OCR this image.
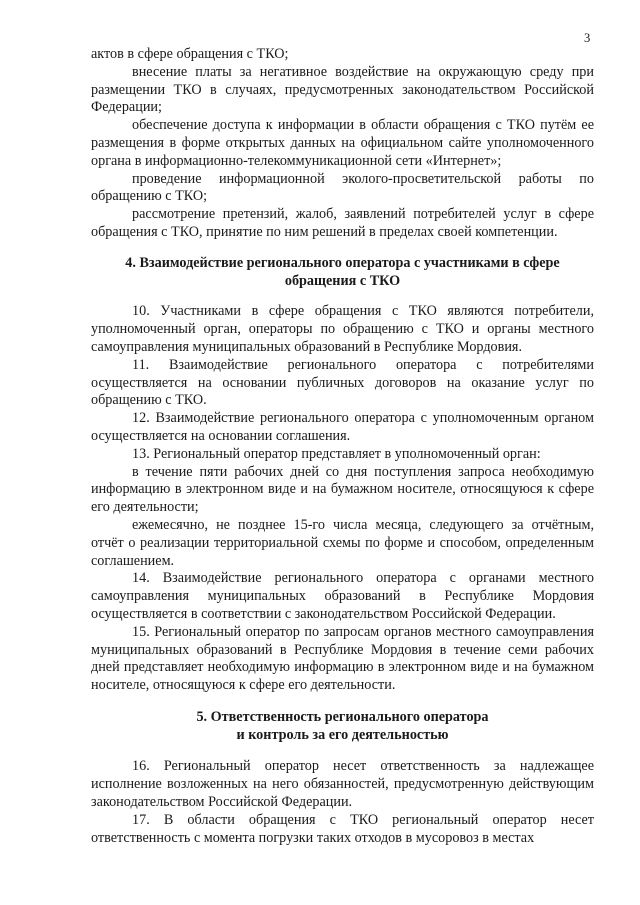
3

актов в сфере обращения с ТКО;

внесение платы за негативное воздействие на окружающую среду при размещении ТКО в случаях, предусмотренных законодательством Российской Федерации;

обеспечение доступа к информации в области обращения с ТКО путём ее размещения в форме открытых данных на официальном сайте уполномоченного органа в информационно-телекоммуникационной сети «Интернет»;

проведение информационной эколого-просветительской работы по обращению с ТКО;

рассмотрение претензий, жалоб, заявлений потребителей услуг в сфере обращения с ТКО, принятие по ним решений в пределах своей компетенции.

4. Взаимодействие регионального оператора с участниками в сфере
обращения с ТКО

10. Участниками в сфере обращения с ТКО являются потребители, уполномоченный орган, операторы по обращению с ТКО и органы местного самоуправления муниципальных образований в Республике Мордовия.

11. Взаимодействие регионального оператора с потребителями осуществляется на основании публичных договоров на оказание услуг по обращению с ТКО.

12. Взаимодействие регионального оператора с уполномоченным органом осуществляется на основании соглашения.

13. Региональный оператор представляет в уполномоченный орган:

в течение пяти рабочих дней со дня поступления запроса необходимую информацию в электронном виде и на бумажном носителе, относящуюся к сфере его деятельности;

ежемесячно, не позднее 15-го числа месяца, следующего за отчётным, отчёт о реализации территориальной схемы по форме и способом, определенным соглашением.

14. Взаимодействие регионального оператора с органами местного самоуправления муниципальных образований в Республике Мордовия осуществляется в соответствии с законодательством Российской Федерации.

15. Региональный оператор по запросам органов местного самоуправления муниципальных образований в Республике Мордовия в течение семи рабочих дней представляет необходимую информацию в электронном виде и на бумажном носителе, относящуюся к сфере его деятельности.

5. Ответственность регионального оператора
и контроль за его деятельностью

16. Региональный оператор несет ответственность за надлежащее исполнение возложенных на него обязанностей, предусмотренную действующим законодательством Российской Федерации.

17. В области обращения с ТКО региональный оператор несет ответственность с момента погрузки таких отходов в мусоровоз в местах
